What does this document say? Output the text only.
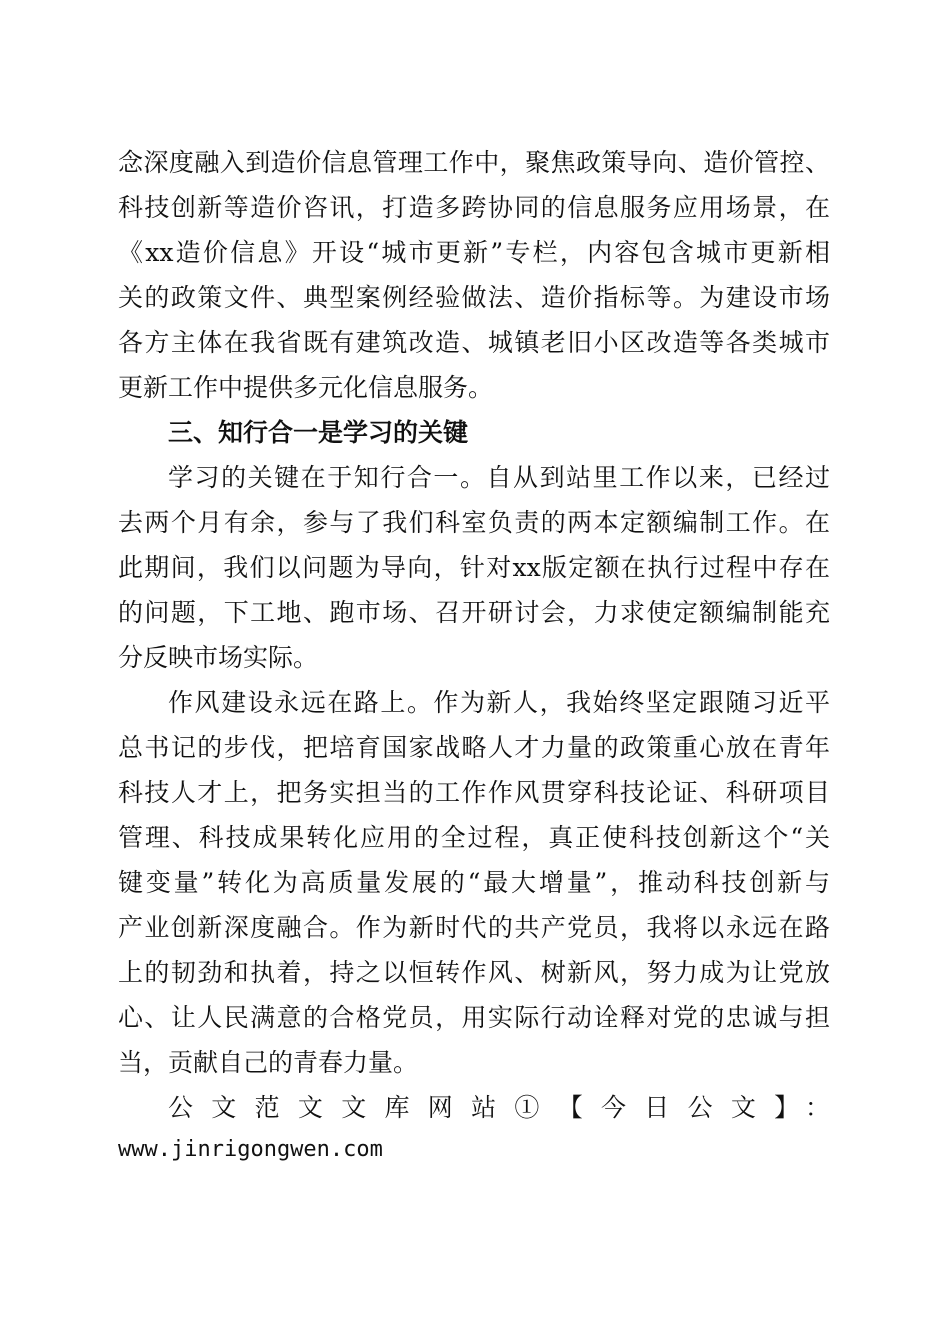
念深度融入到造价信息管理工作中，聚焦政策导向、造价管控、
科技创新等造价咨讯，打造多跨协同的信息服务应用场景，在
《xx造价信息》开设“城市更新”专栏，内容包含城市更新相
关的政策文件、典型案例经验做法、造价指标等。为建设市场
各方主体在我省既有建筑改造、城镇老旧小区改造等各类城市
更新工作中提供多元化信息服务。
三、知行合一是学习的关键
学习的关键在于知行合一。自从到站里工作以来，已经过
去两个月有余，参与了我们科室负责的两本定额编制工作。在
此期间，我们以问题为导向，针对xx版定额在执行过程中存在
的问题，下工地、跑市场、召开研讨会，力求使定额编制能充
分反映市场实际。
作风建设永远在路上。作为新人，我始终坚定跟随习近平
总书记的步伐，把培育国家战略人才力量的政策重心放在青年
科技人才上，把务实担当的工作作风贯穿科技论证、科研项目
管理、科技成果转化应用的全过程，真正使科技创新这个“关
键变量”转化为高质量发展的“最大增量”，推动科技创新与
产业创新深度融合。作为新时代的共产党员，我将以永远在路
上的韧劲和执着，持之以恒转作风、树新风，努力成为让党放
心、让人民满意的合格党员，用实际行动诠释对党的忠诚与担
当，贡献自己的青春力量。
公文范文文库网站①【今日公文】：
www.jinrigongwen.com
